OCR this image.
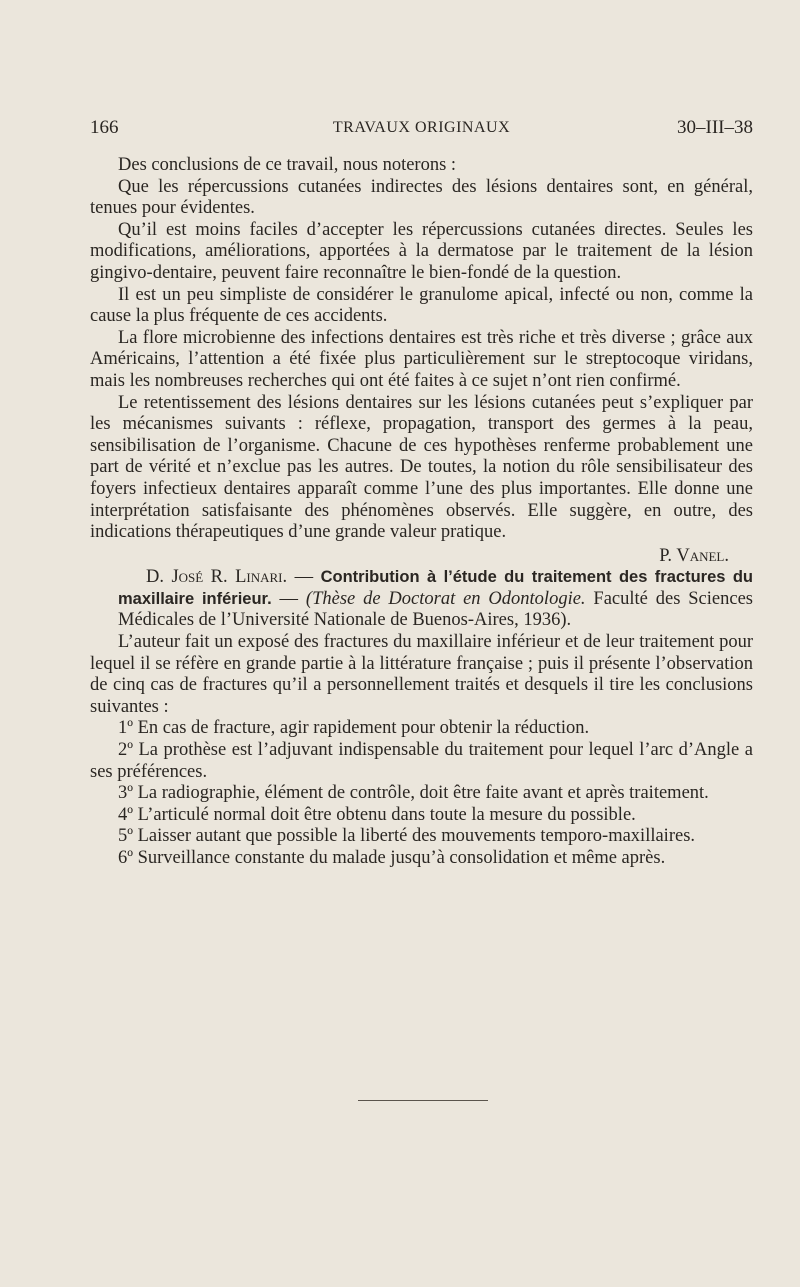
166	TRAVAUX ORIGINAUX	30–III–38

Des conclusions de ce travail, nous noterons :

Que les répercussions cutanées indirectes des lésions dentaires sont, en général, tenues pour évidentes.

Qu’il est moins faciles d’accepter les répercussions cutanées directes. Seules les modifications, améliorations, apportées à la dermatose par le traitement de la lésion gingivo-dentaire, peuvent faire reconnaître le bien-fondé de la question.

Il est un peu simpliste de considérer le granulome apical, infecté ou non, comme la cause la plus fréquente de ces accidents.

La flore microbienne des infections dentaires est très riche et très diverse ; grâce aux Américains, l’attention a été fixée plus particulièrement sur le streptocoque viridans, mais les nombreuses recherches qui ont été faites à ce sujet n’ont rien confirmé.

Le retentissement des lésions dentaires sur les lésions cutanées peut s’expliquer par les mécanismes suivants : réflexe, propagation, transport des germes à la peau, sensibilisation de l’organisme. Chacune de ces hypothèses renferme probablement une part de vérité et n’exclue pas les autres. De toutes, la notion du rôle sensibilisateur des foyers infectieux dentaires apparaît comme l’une des plus importantes. Elle donne une interprétation satisfaisante des phénomènes observés. Elle suggère, en outre, des indications thérapeutiques d’une grande valeur pratique.

P. Vanel.

D. José R. Linari. — Contribution à l’étude du traitement des fractures du maxillaire inférieur. — (Thèse de Doctorat en Odontologie. Faculté des Sciences Médicales de l’Université Nationale de Buenos-Aires, 1936).

L’auteur fait un exposé des fractures du maxillaire inférieur et de leur traitement pour lequel il se réfère en grande partie à la littérature française ; puis il présente l’observation de cinq cas de fractures qu’il a personnellement traités et desquels il tire les conclusions suivantes :

1º En cas de fracture, agir rapidement pour obtenir la réduction.

2º La prothèse est l’adjuvant indispensable du traitement pour lequel l’arc d’Angle a ses préférences.

3º La radiographie, élément de contrôle, doit être faite avant et après traitement.

4º L’articulé normal doit être obtenu dans toute la mesure du possible.

5º Laisser autant que possible la liberté des mouvements temporo-maxillaires.

6º Surveillance constante du malade jusqu’à consolidation et même après.
